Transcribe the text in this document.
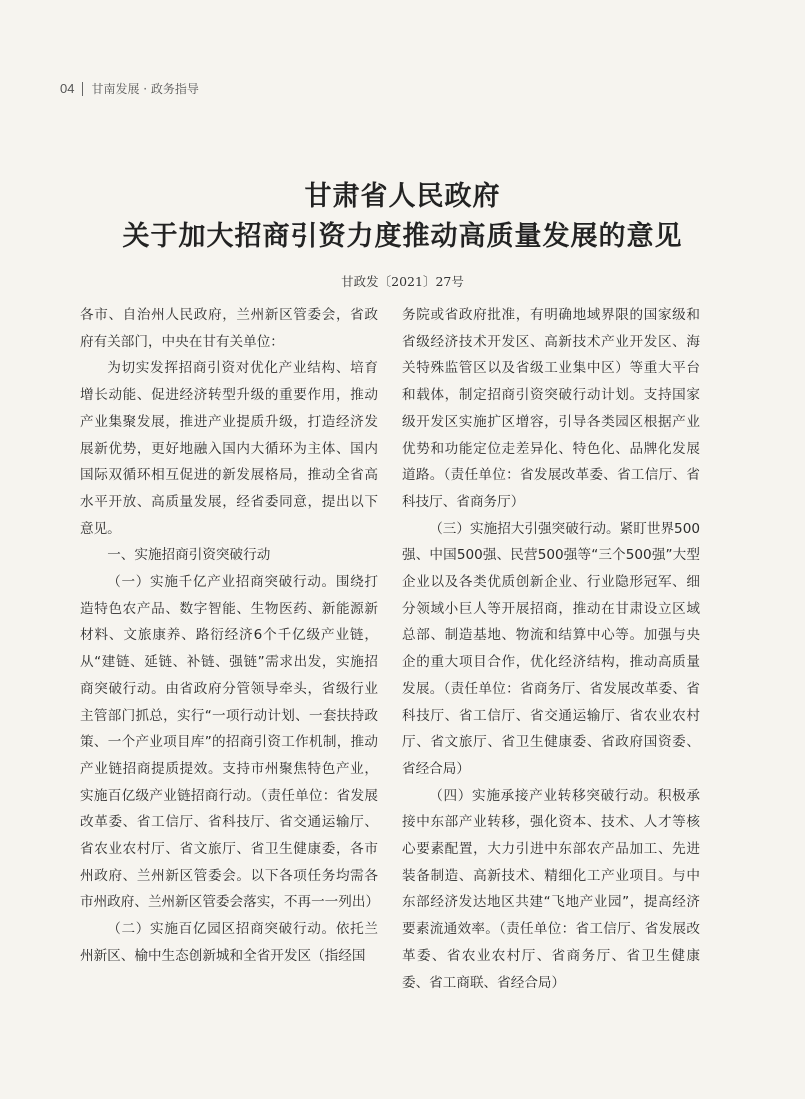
04 甘南发展 · 政务指导
甘肃省人民政府
关于加大招商引资力度推动高质量发展的意见
甘政发〔2021〕27号

各市、自治州人民政府，兰州新区管委会，省政府有关部门，中央在甘有关单位：

为切实发挥招商引资对优化产业结构、培育增长动能、促进经济转型升级的重要作用，推动产业集聚发展，推进产业提质升级，打造经济发展新优势，更好地融入国内大循环为主体、国内国际双循环相互促进的新发展格局，推动全省高水平开放、高质量发展，经省委同意，提出以下意见。

一、实施招商引资突破行动

（一）实施千亿产业招商突破行动。围绕打造特色农产品、数字智能、生物医药、新能源新材料、文旅康养、路衍经济6个千亿级产业链，从“建链、延链、补链、强链”需求出发，实施招商突破行动。由省政府分管领导牵头，省级行业主管部门抓总，实行“一项行动计划、一套扶持政策、一个产业项目库”的招商引资工作机制，推动产业链招商提质提效。支持市州聚焦特色产业，实施百亿级产业链招商行动。（责任单位：省发展改革委、省工信厅、省科技厅、省交通运输厅、省农业农村厅、省文旅厅、省卫生健康委，各市州政府、兰州新区管委会。以下各项任务均需各市州政府、兰州新区管委会落实，不再一一列出）

（二）实施百亿园区招商突破行动。依托兰州新区、榆中生态创新城和全省开发区（指经国

务院或省政府批准，有明确地域界限的国家级和省级经济技术开发区、高新技术产业开发区、海关特殊监管区以及省级工业集中区）等重大平台和载体，制定招商引资突破行动计划。支持国家级开发区实施扩区增容，引导各类园区根据产业优势和功能定位走差异化、特色化、品牌化发展道路。（责任单位：省发展改革委、省工信厅、省科技厅、省商务厅）

（三）实施招大引强突破行动。紧盯世界500强、中国500强、民营500强等“三个500强”大型企业以及各类优质创新企业、行业隐形冠军、细分领域小巨人等开展招商，推动在甘肃设立区域总部、制造基地、物流和结算中心等。加强与央企的重大项目合作，优化经济结构，推动高质量发展。（责任单位：省商务厅、省发展改革委、省科技厅、省工信厅、省交通运输厅、省农业农村厅、省文旅厅、省卫生健康委、省政府国资委、省经合局）

（四）实施承接产业转移突破行动。积极承接中东部产业转移，强化资本、技术、人才等核心要素配置，大力引进中东部农产品加工、先进装备制造、高新技术、精细化工产业项目。与中东部经济发达地区共建“飞地产业园”，提高经济要素流通效率。（责任单位：省工信厅、省发展改革委、省农业农村厅、省商务厅、省卫生健康委、省工商联、省经合局）
